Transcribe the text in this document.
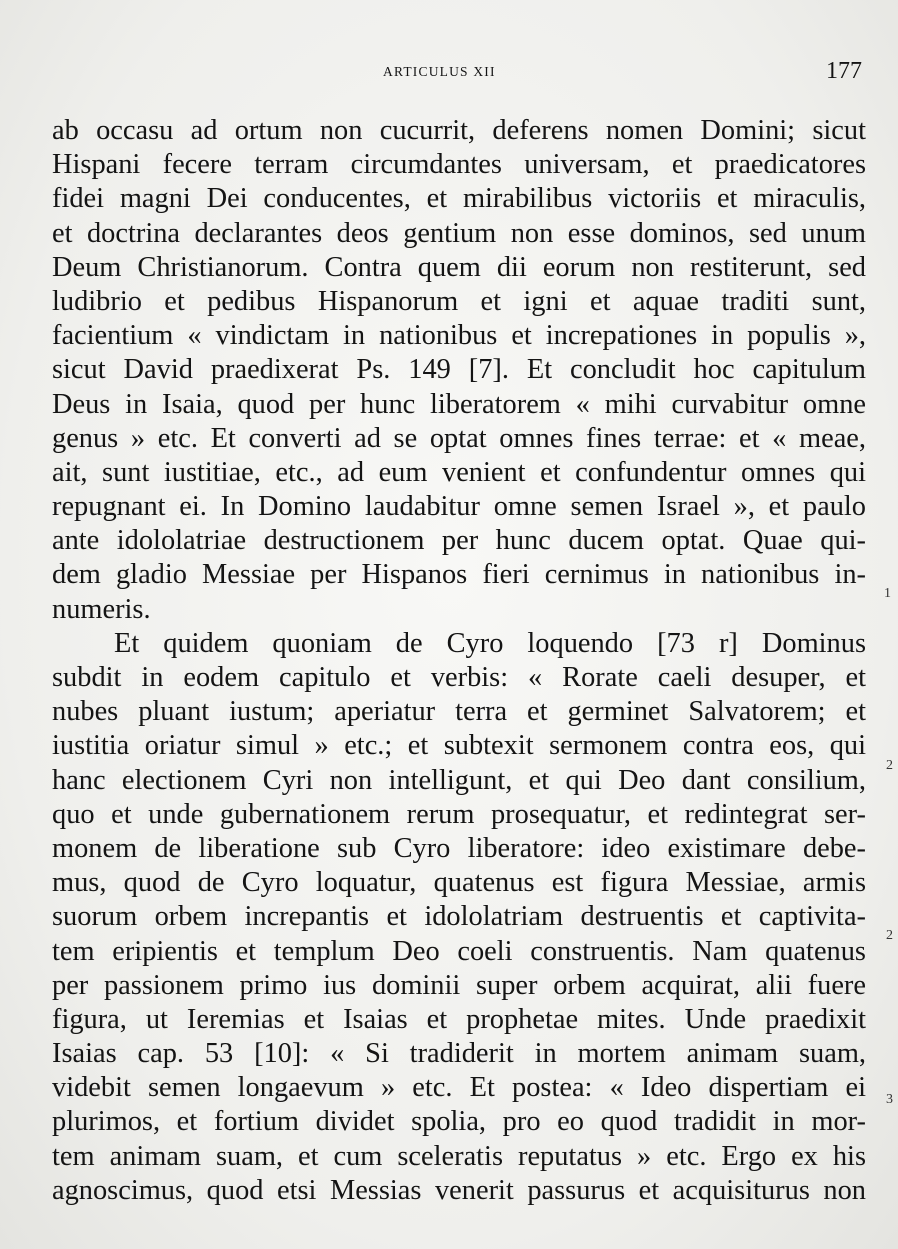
ARTICULUS XII	177
ab occasu ad ortum non cucurrit, deferens nomen Domini; sicut
Hispani fecere terram circumdantes universam, et praedicatores
fidei magni Dei conducentes, et mirabilibus victoriis et miraculis,
et doctrina declarantes deos gentium non esse dominos, sed unum
Deum Christianorum. Contra quem dii eorum non restiterunt, sed
ludibrio et pedibus Hispanorum et igni et aquae traditi sunt,
facientium « vindictam in nationibus et increpationes in populis »,
sicut David praedixerat Ps. 149 [7]. Et concludit hoc capitulum
Deus in Isaia, quod per hunc liberatorem « mihi curvabitur omne
genus » etc. Et converti ad se optat omnes fines terrae: et « meae,
ait, sunt iustitiae, etc., ad eum venient et confundentur omnes qui
repugnant ei. In Domino laudabitur omne semen Israel », et paulo
ante idololatriae destructionem per hunc ducem optat. Quae qui-
dem gladio Messiae per Hispanos fieri cernimus in nationibus in-
numeris.
Et quidem quoniam de Cyro loquendo [73 r] Dominus
subdit in eodem capitulo et verbis: « Rorate caeli desuper, et
nubes pluant iustum; aperiatur terra et germinet Salvatorem; et
iustitia oriatur simul » etc.; et subtexit sermonem contra eos, qui
hanc electionem Cyri non intelligunt, et qui Deo dant consilium,
quo et unde gubernationem rerum prosequatur, et redintegrat ser-
monem de liberatione sub Cyro liberatore: ideo existimare debe-
mus, quod de Cyro loquatur, quatenus est figura Messiae, armis
suorum orbem increpantis et idololatriam destruentis et captivita-
tem eripientis et templum Deo coeli construentis. Nam quatenus
per passionem primo ius dominii super orbem acquirat, alii fuere
figura, ut Ieremias et Isaias et prophetae mites. Unde praedixit
Isaias cap. 53 [10]: « Si tradiderit in mortem animam suam,
videbit semen longaevum » etc. Et postea: « Ideo dispertiam ei
plurimos, et fortium dividet spolia, pro eo quod tradidit in mor-
tem animam suam, et cum sceleratis reputatus » etc. Ergo ex his
agnoscimus, quod etsi Messias venerit passurus et acquisiturus non
1
2
2
3
